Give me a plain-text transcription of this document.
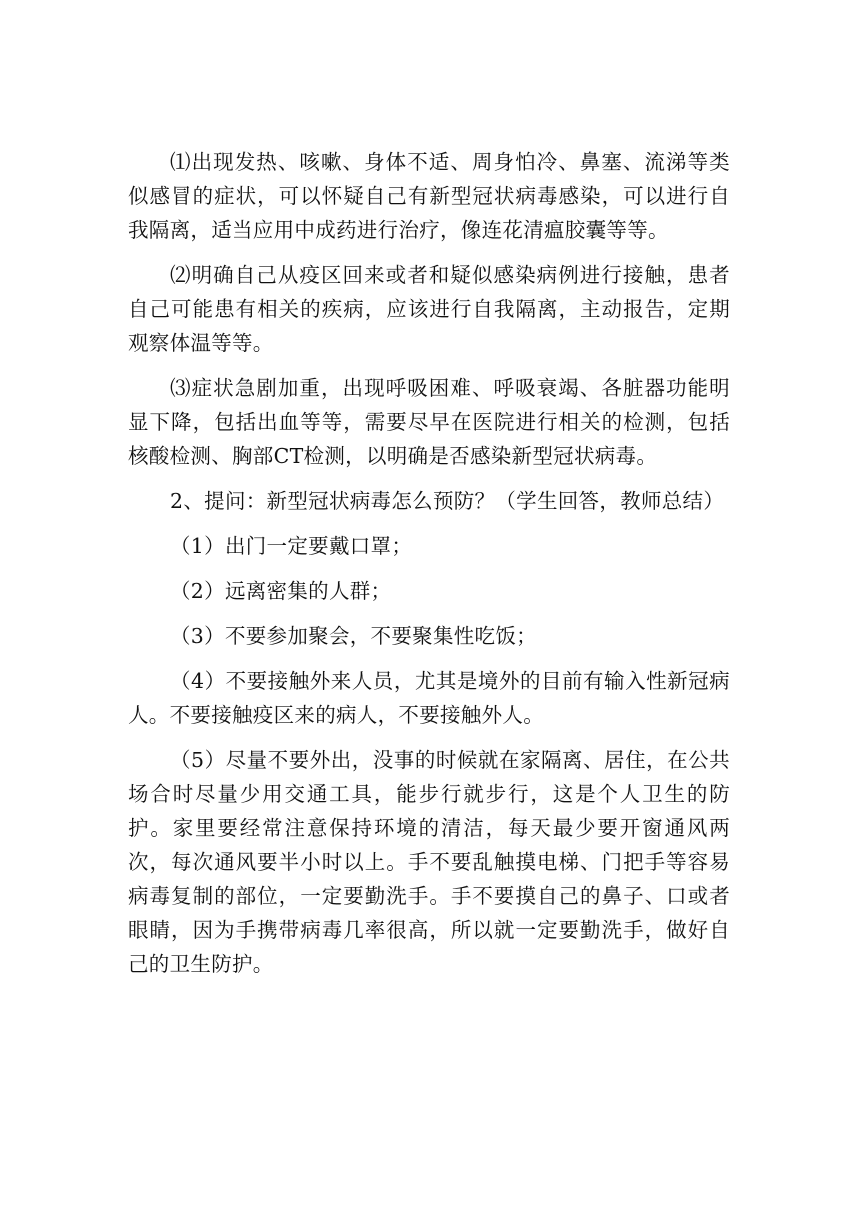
⑴出现发热、咳嗽、身体不适、周身怕冷、鼻塞、流涕等类似感冒的症状，可以怀疑自己有新型冠状病毒感染，可以进行自我隔离，适当应用中成药进行治疗，像连花清瘟胶囊等等。

⑵明确自己从疫区回来或者和疑似感染病例进行接触，患者自己可能患有相关的疾病，应该进行自我隔离，主动报告，定期观察体温等等。

⑶症状急剧加重，出现呼吸困难、呼吸衰竭、各脏器功能明显下降，包括出血等等，需要尽早在医院进行相关的检测，包括核酸检测、胸部CT检测，以明确是否感染新型冠状病毒。

2、提问：新型冠状病毒怎么预防？（学生回答，教师总结）

（1）出门一定要戴口罩；

（2）远离密集的人群；

（3）不要参加聚会，不要聚集性吃饭；

（4）不要接触外来人员，尤其是境外的目前有输入性新冠病人。不要接触疫区来的病人，不要接触外人。

（5）尽量不要外出，没事的时候就在家隔离、居住，在公共场合时尽量少用交通工具，能步行就步行，这是个人卫生的防护。家里要经常注意保持环境的清洁，每天最少要开窗通风两次，每次通风要半小时以上。手不要乱触摸电梯、门把手等容易病毒复制的部位，一定要勤洗手。手不要摸自己的鼻子、口或者眼睛，因为手携带病毒几率很高，所以就一定要勤洗手，做好自己的卫生防护。
